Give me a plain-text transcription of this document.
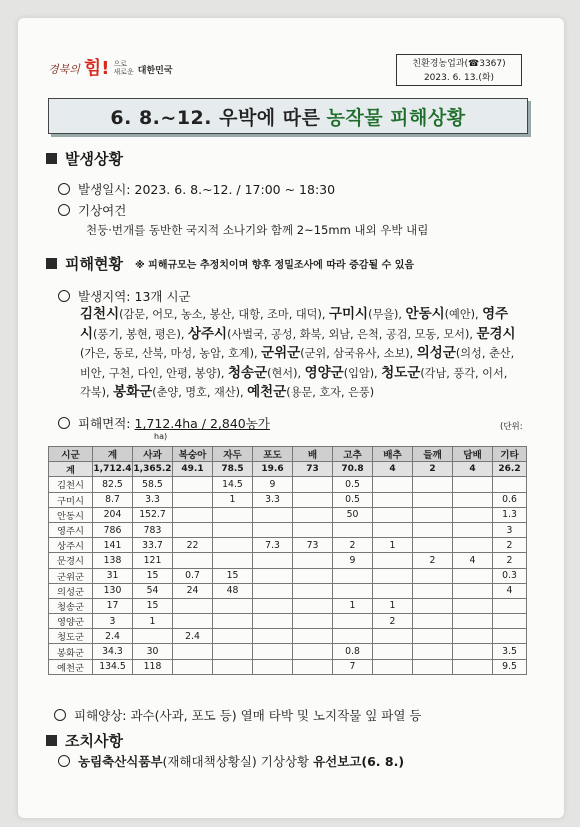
경북의 힘! 으로
새로운 대한민국
친환경농업과(☎3367)
2023. 6. 13.(화)
6. 8.~12. 우박에 따른 농작물 피해상황
발생상황
발생일시: 2023. 6. 8.~12. / 17:00 ~ 18:30
기상여건
천둥·번개를 동반한 국지적 소나기와 함께 2~15mm 내외 우박 내림
피해현황 ※ 피해규모는 추정치이며 향후 정밀조사에 따라 증감될 수 있음
발생지역: 13개 시군
김천시(감문, 어모, 농소, 봉산, 대항, 조마, 대덕), 구미시(무을), 안동시(예안), 영주시(풍기, 봉현, 평은), 상주시(사벌국, 공성, 화북, 외남, 은척, 공검, 모동, 모서), 문경시(가은, 동로, 산북, 마성, 농암, 호계), 군위군(군위, 삼국유사, 소보), 의성군(의성, 춘산, 비안, 구천, 다인, 안평, 봉양), 청송군(현서), 영양군(입암), 청도군(각남, 풍각, 이서, 각북), 봉화군(춘양, 명호, 재산), 예천군(용문, 호자, 은풍)
피해면적: 1,712.4ha / 2,840농가	(단위:
ha)
시군	계	사과	복숭아	자두	포도	배	고추	배추	들깨	담배	기타
계	1,712.4	1,365.2	49.1	78.5	19.6	73	70.8	4	2	4	26.2
김천시	82.5	58.5		14.5	9		0.5				
구미시	8.7	3.3		1	3.3		0.5				0.6
안동시	204	152.7					50				1.3
영주시	786	783									3
상주시	141	33.7	22		7.3	73	2	1			2
문경시	138	121					9		2	4	2
군위군	31	15	0.7	15							0.3
의성군	130	54	24	48							4
청송군	17	15					1	1			
영양군	3	1						2			
청도군	2.4		2.4								
봉화군	34.3	30					0.8				3.5
예천군	134.5	118					7				9.5
피해양상: 과수(사과, 포도 등) 열매 타박 및 노지작물 잎 파열 등
조치사항
농림축산식품부(재해대책상황실) 기상상황 유선보고(6. 8.)
